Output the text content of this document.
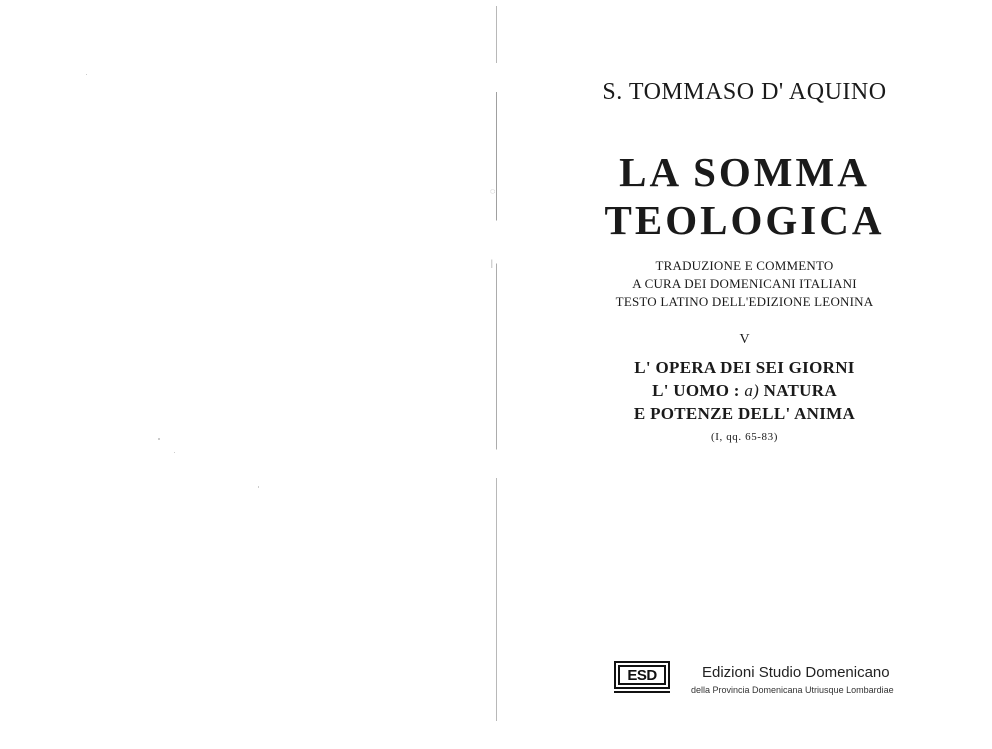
◌
|
S. TOMMASO D' AQUINO
LA SOMMA
TEOLOGICA
TRADUZIONE E COMMENTO
A CURA DEI DOMENICANI ITALIANI
TESTO LATINO DELL'EDIZIONE LEONINA
V
L' OPERA DEI SEI GIORNI
L' UOMO : a) NATURA
E POTENZE DELL' ANIMA
(I, qq. 65-83)
ESD	Edizioni Studio Domenicano
della Provincia Domenicana Utriusque Lombardiae
